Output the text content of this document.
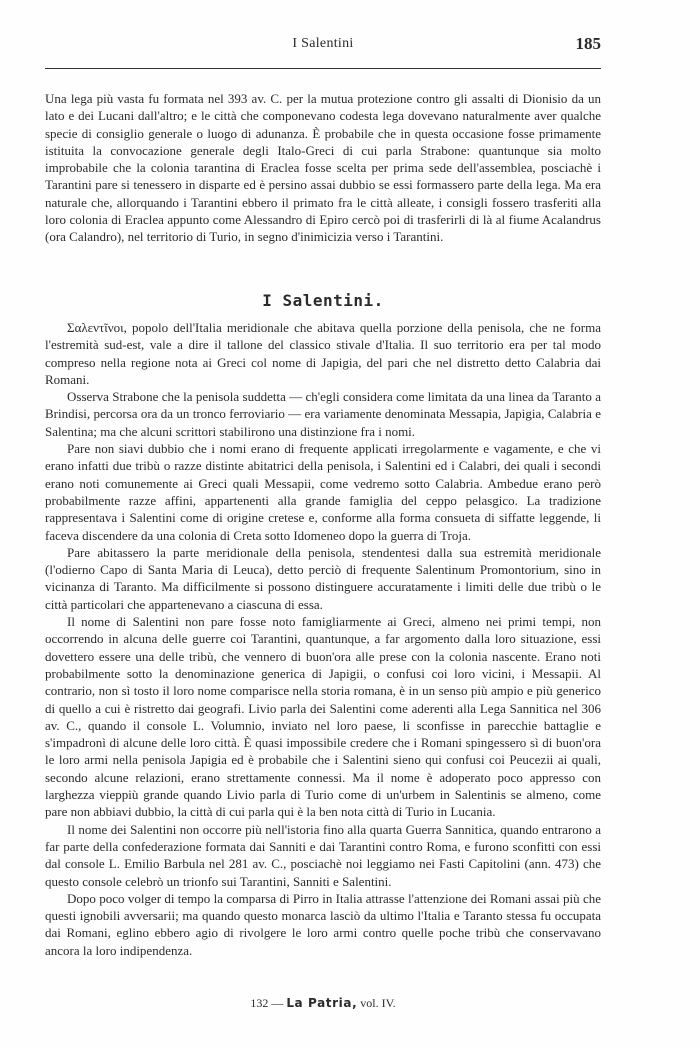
I Salentini	185

Una lega più vasta fu formata nel 393 av. C. per la mutua protezione contro gli assalti di Dionisio da un lato e dei Lucani dall'altro; e le città che componevano codesta lega dovevano naturalmente aver qualche specie di consiglio generale o luogo di adunanza. È probabile che in questa occasione fosse primamente istituita la convocazione generale degli Italo-Greci di cui parla Strabone: quantunque sia molto improbabile che la colonia tarantina di Eraclea fosse scelta per prima sede dell'assemblea, posciachè i Tarantini pare si tenessero in disparte ed è persino assai dubbio se essi formassero parte della lega. Ma era naturale che, allorquando i Tarantini ebbero il primato fra le città alleate, i consigli fossero trasferiti alla loro colonia di Eraclea appunto come Alessandro di Epiro cercò poi di trasferirli di là al fiume Acalandrus (ora Calandro), nel territorio di Turio, in segno d'inimicizia verso i Tarantini.

I Salentini.

Σαλεντῖνοι, popolo dell'Italia meridionale che abitava quella porzione della penisola, che ne forma l'estremità sud-est, vale a dire il tallone del classico stivale d'Italia. Il suo territorio era per tal modo compreso nella regione nota ai Greci col nome di Japigia, del pari che nel distretto detto Calabria dai Romani.

Osserva Strabone che la penisola suddetta — ch'egli considera come limitata da una linea da Taranto a Brindisi, percorsa ora da un tronco ferroviario — era variamente denominata Messapia, Japigia, Calabria e Salentina; ma che alcuni scrittori stabilirono una distinzione fra i nomi.

Pare non siavi dubbio che i nomi erano di frequente applicati irregolarmente e vagamente, e che vi erano infatti due tribù o razze distinte abitatrici della penisola, i Salentini ed i Calabri, dei quali i secondi erano noti comunemente ai Greci quali Messapii, come vedremo sotto Calabria. Ambedue erano però probabilmente razze affini, appartenenti alla grande famiglia del ceppo pelasgico. La tradizione rappresentava i Salentini come di origine cretese e, conforme alla forma consueta di siffatte leggende, li faceva discendere da una colonia di Creta sotto Idomeneo dopo la guerra di Troja.

Pare abitassero la parte meridionale della penisola, stendentesi dalla sua estremità meridionale (l'odierno Capo di Santa Maria di Leuca), detto perciò di frequente Salentinum Promontorium, sino in vicinanza di Taranto. Ma difficilmente si possono distinguere accuratamente i limiti delle due tribù o le città particolari che appartenevano a ciascuna di essa.

Il nome di Salentini non pare fosse noto famigliarmente ai Greci, almeno nei primi tempi, non occorrendo in alcuna delle guerre coi Tarantini, quantunque, a far argomento dalla loro situazione, essi dovettero essere una delle tribù, che vennero di buon'ora alle prese con la colonia nascente. Erano noti probabilmente sotto la denominazione generica di Japigii, o confusi coi loro vicini, i Messapii. Al contrario, non sì tosto il loro nome comparisce nella storia romana, è in un senso più ampio e più generico di quello a cui è ristretto dai geografi. Livio parla dei Salentini come aderenti alla Lega Sannitica nel 306 av. C., quando il console L. Volumnio, inviato nel loro paese, li sconfisse in parecchie battaglie e s'impadronì di alcune delle loro città. È quasi impossibile credere che i Romani spingessero sì di buon'ora le loro armi nella penisola Japigia ed è probabile che i Salentini sieno qui confusi coi Peucezii ai quali, secondo alcune relazioni, erano strettamente connessi. Ma il nome è adoperato poco appresso con larghezza vieppiù grande quando Livio parla di Turio come di un'urbem in Salentinis se almeno, come pare non abbiavi dubbio, la città di cui parla qui è la ben nota città di Turio in Lucania.

Il nome dei Salentini non occorre più nell'istoria fino alla quarta Guerra Sannitica, quando entrarono a far parte della confederazione formata dai Sanniti e dai Tarantini contro Roma, e furono sconfitti con essi dal console L. Emilio Barbula nel 281 av. C., posciachè noi leggiamo nei Fasti Capitolini (ann. 473) che questo console celebrò un trionfo sui Tarantini, Sanniti e Salentini.

Dopo poco volger di tempo la comparsa di Pirro in Italia attrasse l'attenzione dei Romani assai più che questi ignobili avversarii; ma quando questo monarca lasciò da ultimo l'Italia e Taranto stessa fu occupata dai Romani, eglino ebbero agio di rivolgere le loro armi contro quelle poche tribù che conservavano ancora la loro indipendenza.

132 — La Patria, vol. IV.
